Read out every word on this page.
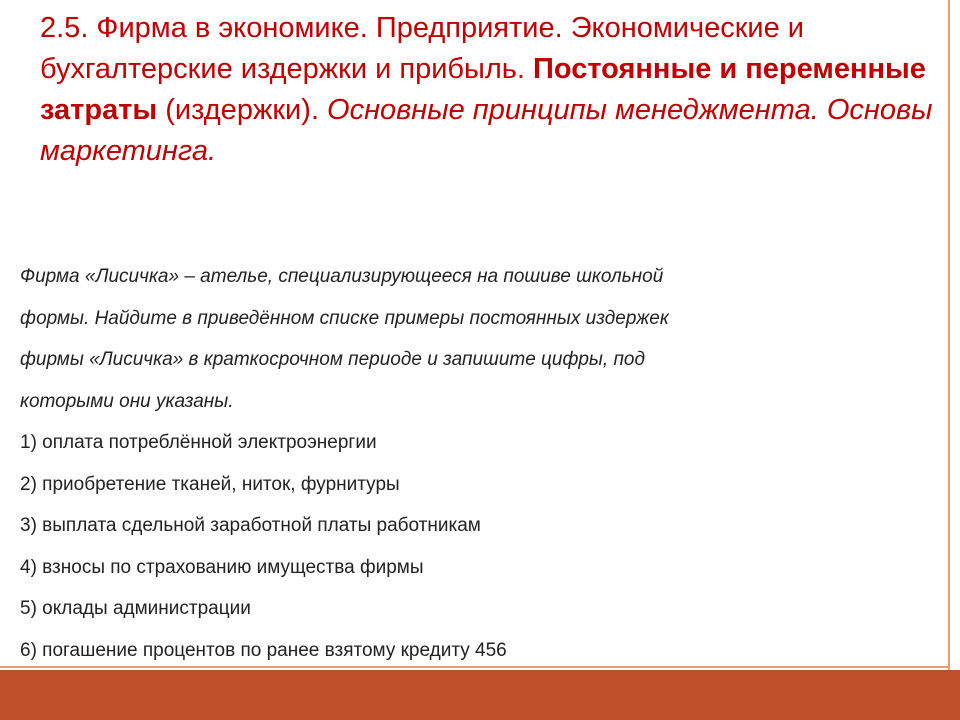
2.5. Фирма в экономике. Предприятие. Экономические и бухгалтерские издержки и прибыль. Постоянные и переменные затраты (издержки). Основные принципы менеджмента. Основы маркетинга.
Фирма «Лисичка» – ателье, специализирующееся на пошиве школьной
формы. Найдите в приведённом списке примеры постоянных издержек
фирмы «Лисичка» в краткосрочном периоде и запишите цифры, под
которыми они указаны.
1) оплата потреблённой электроэнергии
2) приобретение тканей, ниток, фурнитуры
3) выплата сдельной заработной платы работникам
4) взносы по страхованию имущества фирмы
5) оклады администрации
6) погашение процентов по ранее взятому кредиту 456
